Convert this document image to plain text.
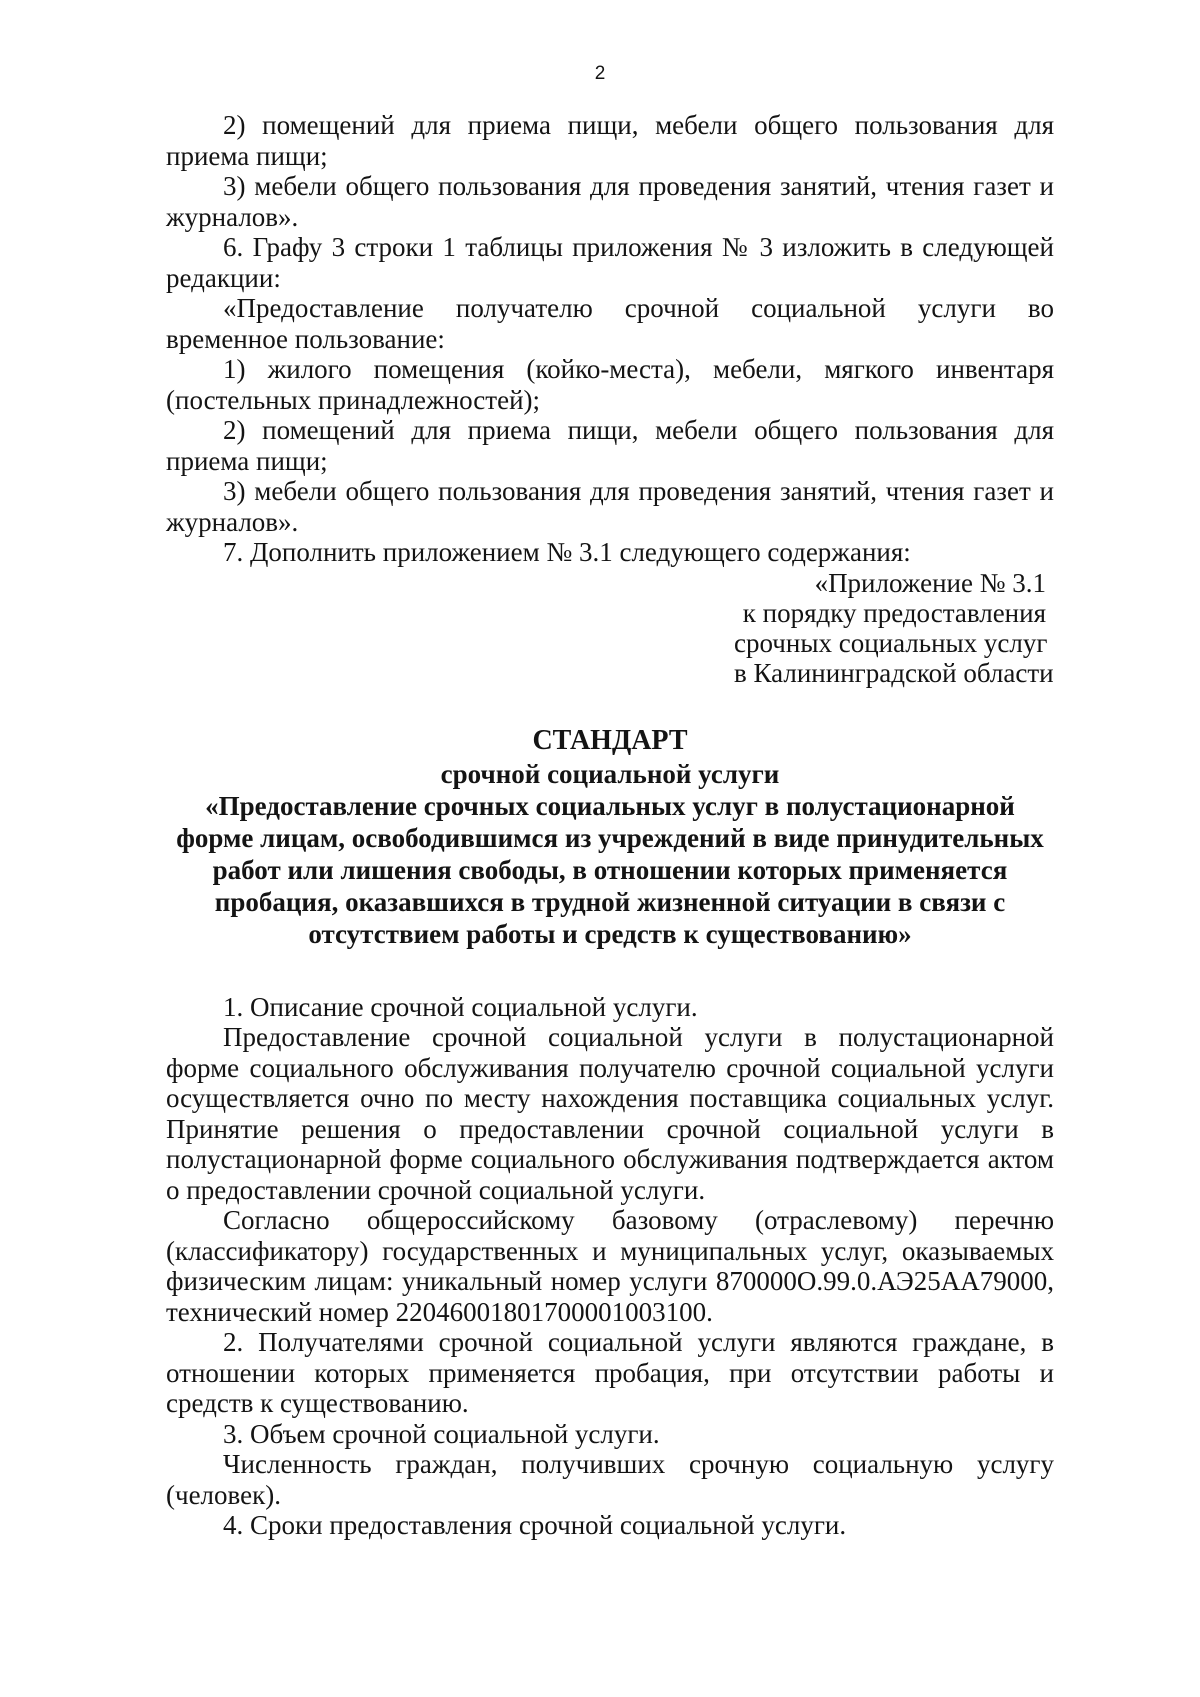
2

2) помещений для приема пищи, мебели общего пользования для приема пищи;

3) мебели общего пользования для проведения занятий, чтения газет и журналов».

6. Графу 3 строки 1 таблицы приложения № 3 изложить в следующей редакции:

«Предоставление получателю срочной социальной услуги во временное пользование:

1) жилого помещения (койко-места), мебели, мягкого инвентаря (постельных принадлежностей);

2) помещений для приема пищи, мебели общего пользования для приема пищи;

3) мебели общего пользования для проведения занятий, чтения газет и журналов».

7. Дополнить приложением № 3.1 следующего содержания:

«Приложение № 3.1
к порядку предоставления
срочных социальных услуг
в Калининградской области
СТАНДАРТ
срочной социальной услуги
«Предоставление срочных социальных услуг в полустационарной форме лицам, освободившимся из учреждений в виде принудительных работ или лишения свободы, в отношении которых применяется пробация, оказавшихся в трудной жизненной ситуации в связи с отсутствием работы и средств к существованию»

1. Описание срочной социальной услуги.

Предоставление срочной социальной услуги в полустационарной форме социального обслуживания получателю срочной социальной услуги осуществляется очно по месту нахождения поставщика социальных услуг. Принятие решения о предоставлении срочной социальной услуги в полустационарной форме социального обслуживания подтверждается актом о предоставлении срочной социальной услуги.

Согласно общероссийскому базовому (отраслевому) перечню (классификатору) государственных и муниципальных услуг, оказываемых физическим лицам: уникальный номер услуги 870000О.99.0.АЭ25АА79000, технический номер 22046001801700001003100.

2. Получателями срочной социальной услуги являются граждане, в отношении которых применяется пробация, при отсутствии работы и средств к существованию.

3. Объем срочной социальной услуги.

Численность граждан, получивших срочную социальную услугу (человек).

4. Сроки предоставления срочной социальной услуги.
